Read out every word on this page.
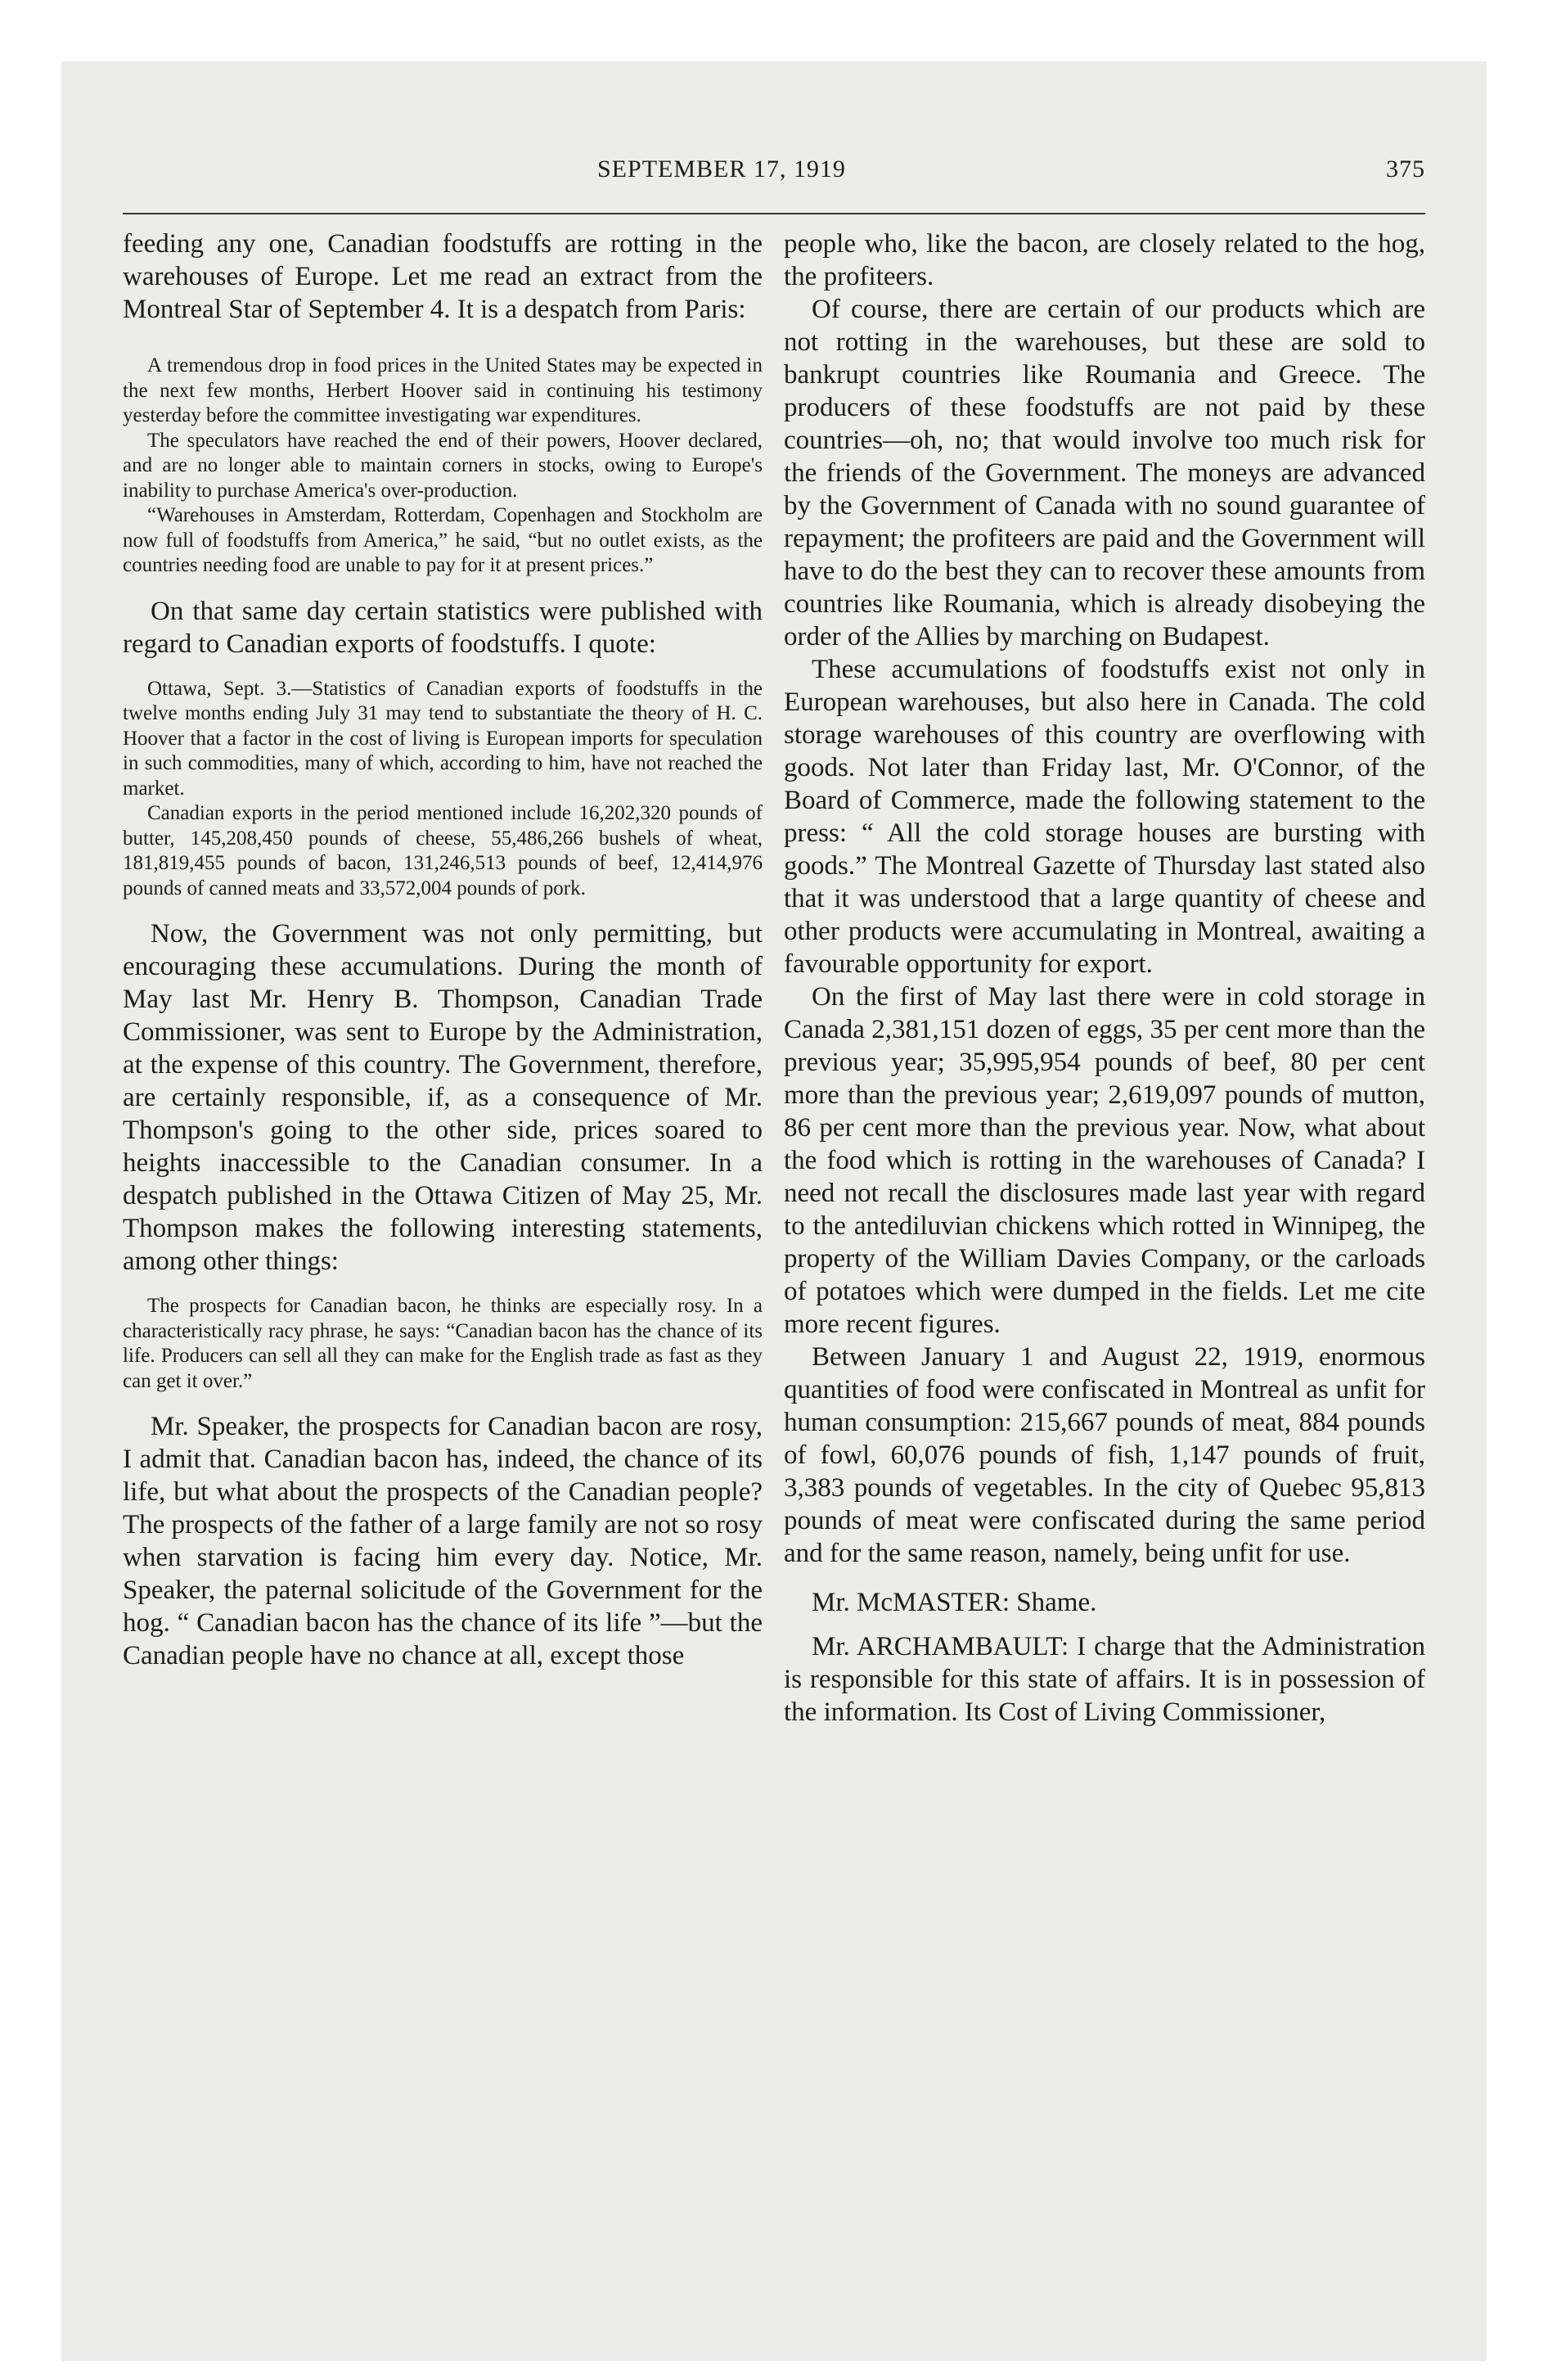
SEPTEMBER 17, 1919	375

feeding any one, Canadian foodstuffs are rotting in the warehouses of Europe. Let me read an extract from the Montreal Star of September 4. It is a despatch from Paris:

A tremendous drop in food prices in the United States may be expected in the next few months, Herbert Hoover said in continuing his testimony yesterday before the committee investigating war expenditures.

The speculators have reached the end of their powers, Hoover declared, and are no longer able to maintain corners in stocks, owing to Europe's inability to purchase America's over-production.

“Warehouses in Amsterdam, Rotterdam, Copenhagen and Stockholm are now full of foodstuffs from America,” he said, “but no outlet exists, as the countries needing food are unable to pay for it at present prices.”

On that same day certain statistics were published with regard to Canadian exports of foodstuffs. I quote:

Ottawa, Sept. 3.—Statistics of Canadian exports of foodstuffs in the twelve months ending July 31 may tend to substantiate the theory of H. C. Hoover that a factor in the cost of living is European imports for speculation in such commodities, many of which, according to him, have not reached the market.

Canadian exports in the period mentioned include 16,202,320 pounds of butter, 145,208,450 pounds of cheese, 55,486,266 bushels of wheat, 181,819,455 pounds of bacon, 131,246,513 pounds of beef, 12,414,976 pounds of canned meats and 33,572,004 pounds of pork.

Now, the Government was not only permitting, but encouraging these accumulations. During the month of May last Mr. Henry B. Thompson, Canadian Trade Commissioner, was sent to Europe by the Administration, at the expense of this country. The Government, therefore, are certainly responsible, if, as a consequence of Mr. Thompson's going to the other side, prices soared to heights inaccessible to the Canadian consumer. In a despatch published in the Ottawa Citizen of May 25, Mr. Thompson makes the following interesting statements, among other things:

The prospects for Canadian bacon, he thinks are especially rosy. In a characteristically racy phrase, he says: “Canadian bacon has the chance of its life. Producers can sell all they can make for the English trade as fast as they can get it over.”

Mr. Speaker, the prospects for Canadian bacon are rosy, I admit that. Canadian bacon has, indeed, the chance of its life, but what about the prospects of the Canadian people? The prospects of the father of a large family are not so rosy when starvation is facing him every day. Notice, Mr. Speaker, the paternal solicitude of the Government for the hog. “ Canadian bacon has the chance of its life ”—but the Canadian people have no chance at all, except those

people who, like the bacon, are closely related to the hog, the profiteers.

Of course, there are certain of our products which are not rotting in the warehouses, but these are sold to bankrupt countries like Roumania and Greece. The producers of these foodstuffs are not paid by these countries—oh, no; that would involve too much risk for the friends of the Government. The moneys are advanced by the Government of Canada with no sound guarantee of repayment; the profiteers are paid and the Government will have to do the best they can to recover these amounts from countries like Roumania, which is already disobeying the order of the Allies by marching on Budapest.

These accumulations of foodstuffs exist not only in European warehouses, but also here in Canada. The cold storage warehouses of this country are overflowing with goods. Not later than Friday last, Mr. O'Connor, of the Board of Commerce, made the following statement to the press: “ All the cold storage houses are bursting with goods.” The Montreal Gazette of Thursday last stated also that it was understood that a large quantity of cheese and other products were accumulating in Montreal, awaiting a favourable opportunity for export.

On the first of May last there were in cold storage in Canada 2,381,151 dozen of eggs, 35 per cent more than the previous year; 35,995,954 pounds of beef, 80 per cent more than the previous year; 2,619,097 pounds of mutton, 86 per cent more than the previous year. Now, what about the food which is rotting in the warehouses of Canada? I need not recall the disclosures made last year with regard to the antediluvian chickens which rotted in Winnipeg, the property of the William Davies Company, or the carloads of potatoes which were dumped in the fields. Let me cite more recent figures.

Between January 1 and August 22, 1919, enormous quantities of food were confiscated in Montreal as unfit for human consumption: 215,667 pounds of meat, 884 pounds of fowl, 60,076 pounds of fish, 1,147 pounds of fruit, 3,383 pounds of vegetables. In the city of Quebec 95,813 pounds of meat were confiscated during the same period and for the same reason, namely, being unfit for use.

Mr. McMASTER: Shame.

Mr. ARCHAMBAULT: I charge that the Administration is responsible for this state of affairs. It is in possession of the information. Its Cost of Living Commissioner,
